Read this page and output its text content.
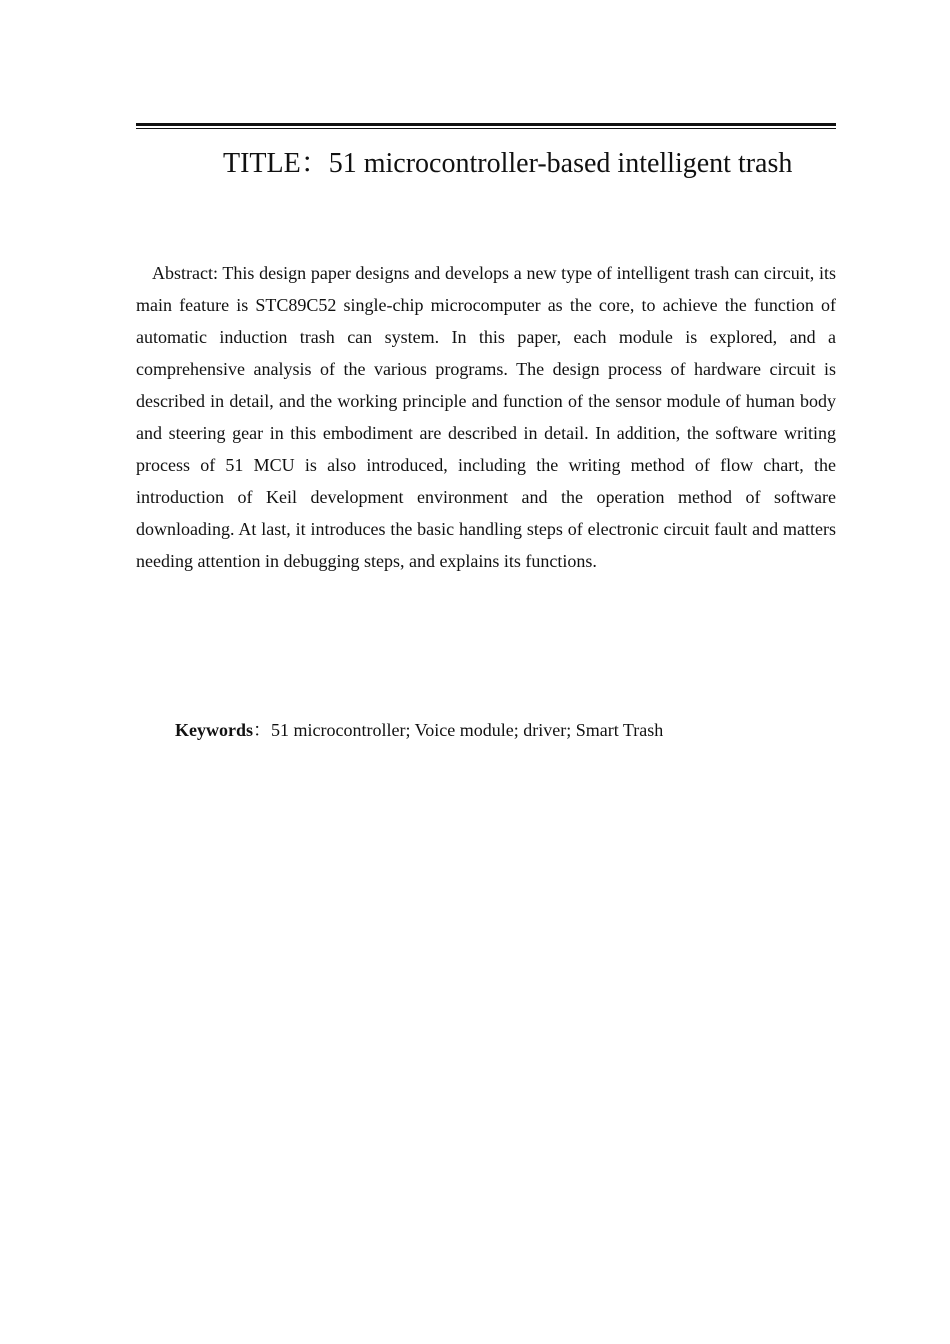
TITLE：51 microcontroller-based intelligent trash
Abstract: This design paper designs and develops a new type of intelligent trash can circuit, its main feature is STC89C52 single-chip microcomputer as the core, to achieve the function of automatic induction trash can system. In this paper, each module is explored, and a comprehensive analysis of the various programs. The design process of hardware circuit is described in detail, and the working principle and function of the sensor module of human body and steering gear in this embodiment are described in detail. In addition, the software writing process of 51 MCU is also introduced, including the writing method of flow chart, the introduction of Keil development environment and the operation method of software downloading. At last, it introduces the basic handling steps of electronic circuit fault and matters needing attention in debugging steps, and explains its functions.
Keywords：51 microcontroller; Voice module; driver; Smart Trash
